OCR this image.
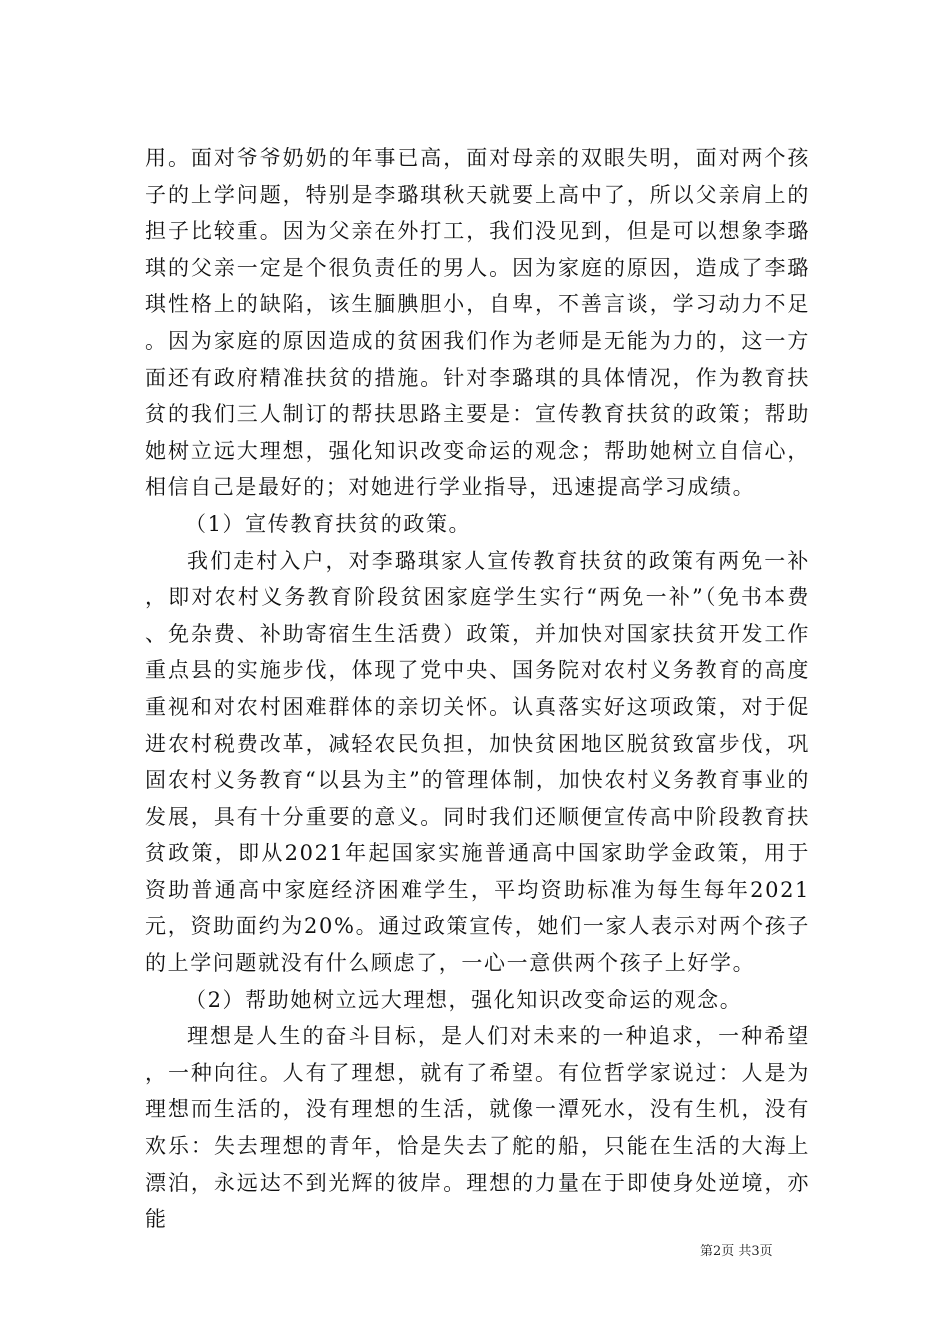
用。面对爷爷奶奶的年事已高，面对母亲的双眼失明，面对两个孩子的上学问题，特别是李璐琪秋天就要上高中了，所以父亲肩上的担子比较重。因为父亲在外打工，我们没见到，但是可以想象李璐琪的父亲一定是个很负责任的男人。因为家庭的原因，造成了李璐琪性格上的缺陷，该生腼腆胆小，自卑，不善言谈，学习动力不足。因为家庭的原因造成的贫困我们作为老师是无能为力的，这一方面还有政府精准扶贫的措施。针对李璐琪的具体情况，作为教育扶贫的我们三人制订的帮扶思路主要是：宣传教育扶贫的政策；帮助她树立远大理想，强化知识改变命运的观念；帮助她树立自信心，相信自己是最好的；对她进行学业指导，迅速提高学习成绩。

（1）宣传教育扶贫的政策。

我们走村入户，对李璐琪家人宣传教育扶贫的政策有两免一补，即对农村义务教育阶段贫困家庭学生实行“两免一补”（免书本费、免杂费、补助寄宿生生活费）政策，并加快对国家扶贫开发工作重点县的实施步伐，体现了党中央、国务院对农村义务教育的高度重视和对农村困难群体的亲切关怀。认真落实好这项政策，对于促进农村税费改革，减轻农民负担，加快贫困地区脱贫致富步伐，巩固农村义务教育“以县为主”的管理体制，加快农村义务教育事业的发展，具有十分重要的意义。同时我们还顺便宣传高中阶段教育扶贫政策，即从2021年起国家实施普通高中国家助学金政策，用于资助普通高中家庭经济困难学生，平均资助标准为每生每年2021元，资助面约为20%。通过政策宣传，她们一家人表示对两个孩子的上学问题就没有什么顾虑了，一心一意供两个孩子上好学。

（2）帮助她树立远大理想，强化知识改变命运的观念。

理想是人生的奋斗目标，是人们对未来的一种追求，一种希望，一种向往。人有了理想，就有了希望。有位哲学家说过：人是为理想而生活的，没有理想的生活，就像一潭死水，没有生机，没有欢乐：失去理想的青年，恰是失去了舵的船，只能在生活的大海上漂泊，永远达不到光辉的彼岸。理想的力量在于即使身处逆境，亦能

第2页 共3页
